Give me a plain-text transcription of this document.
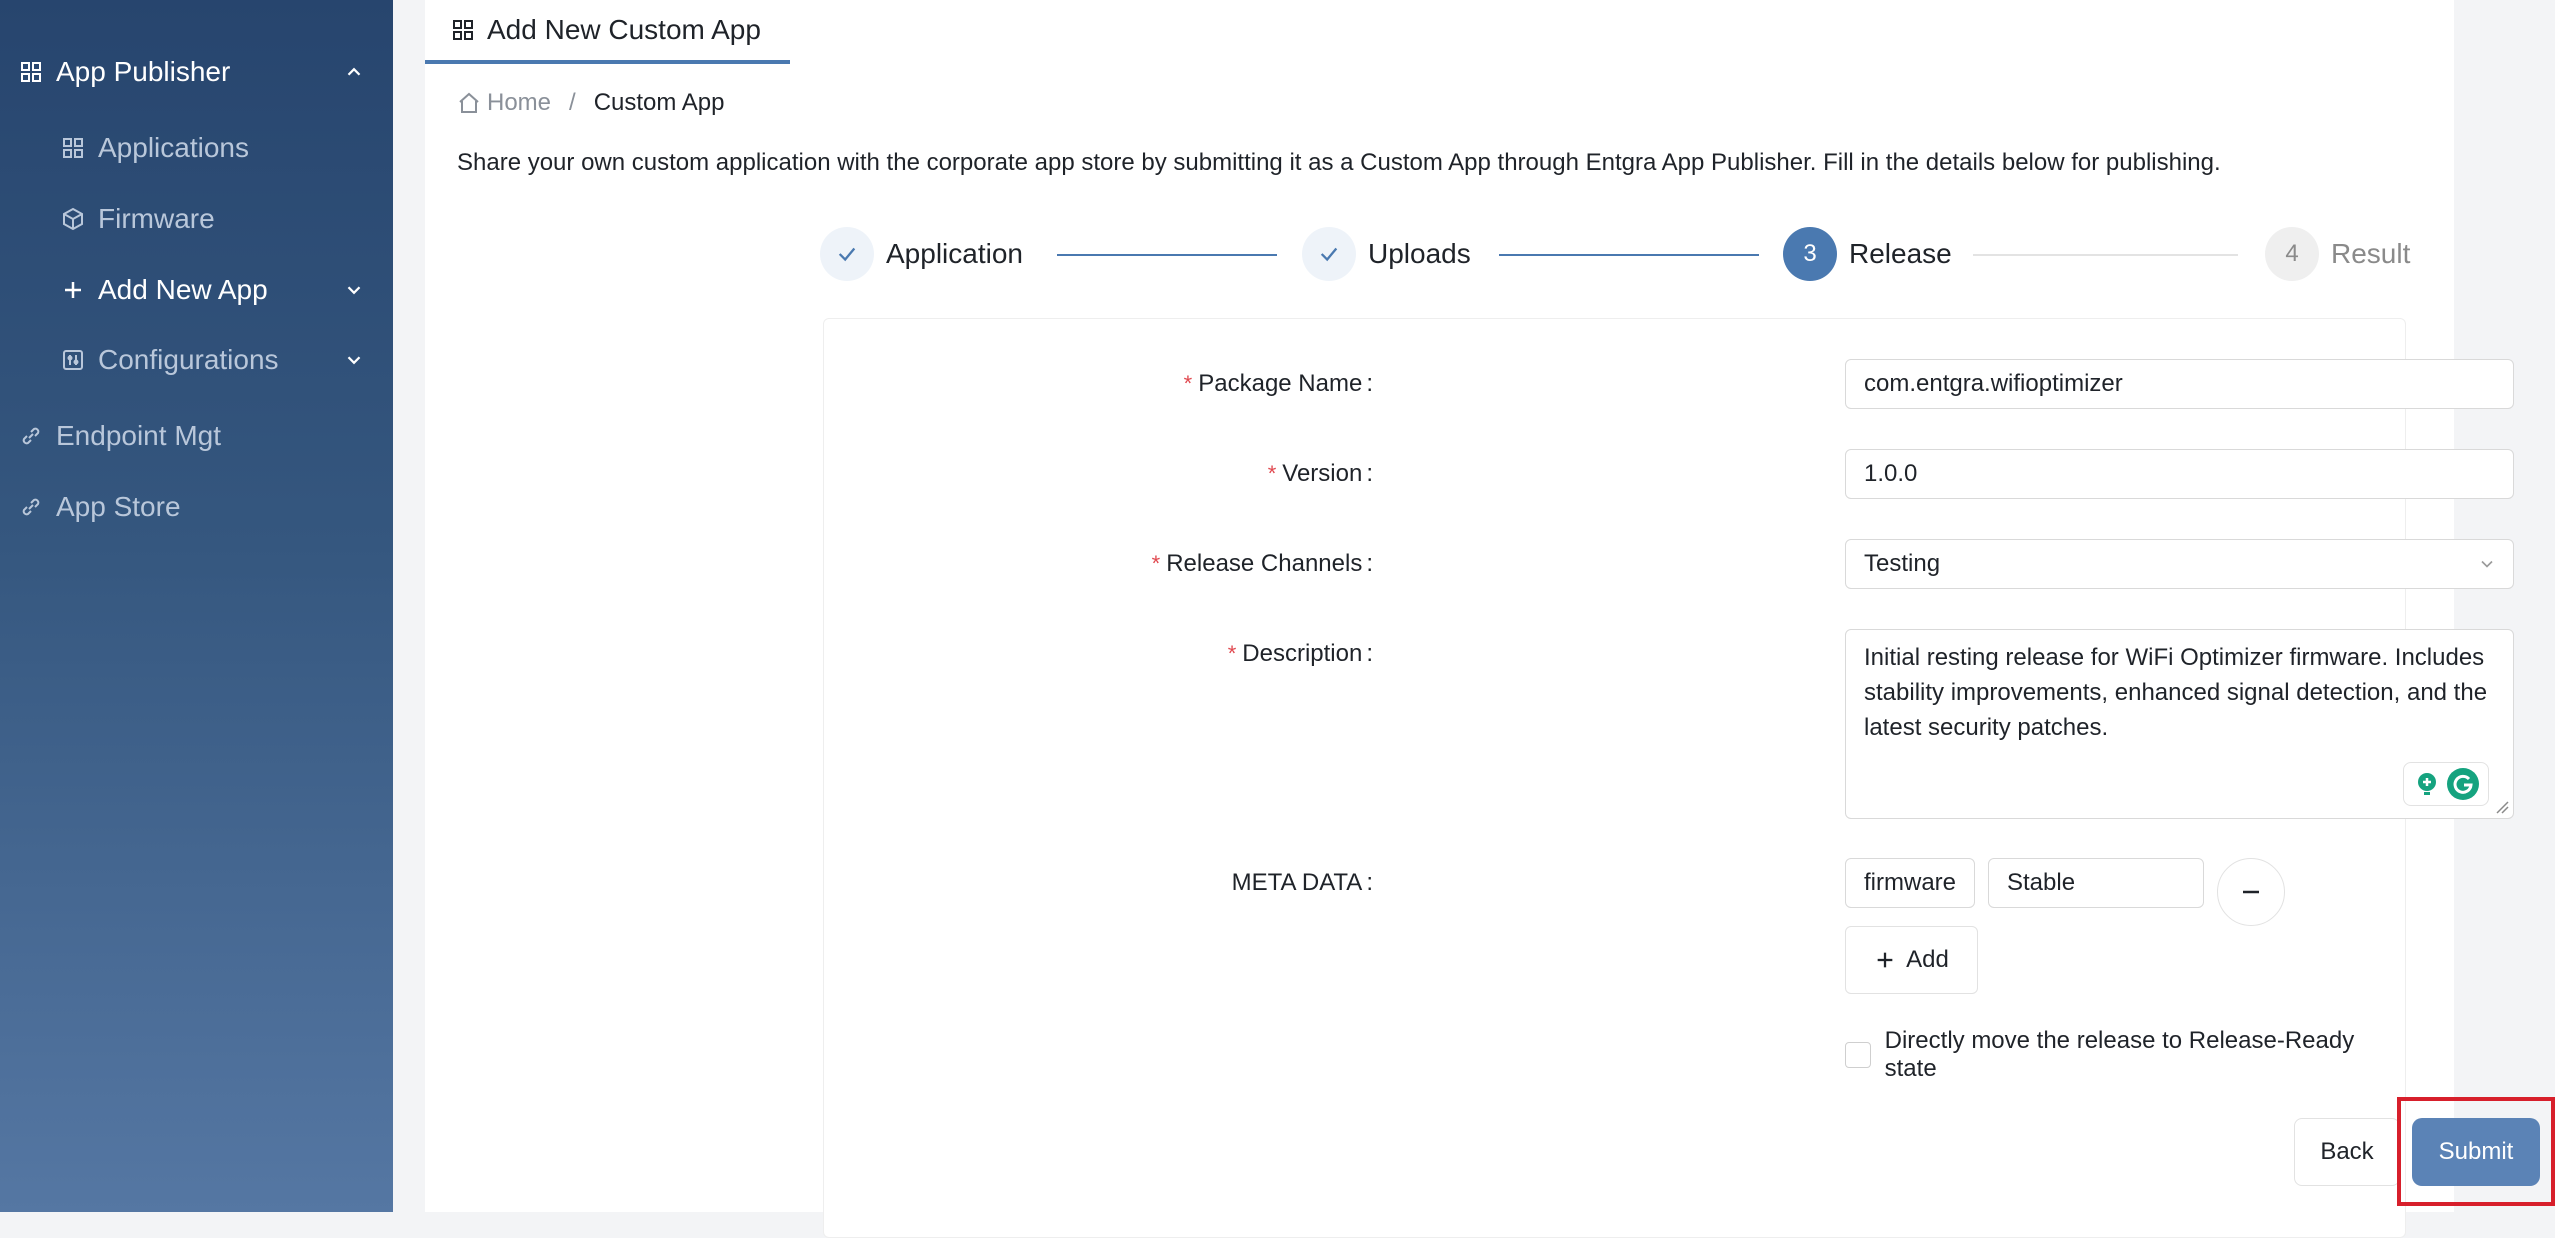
App Publisher
Applications
Firmware
Add New App
Configurations
Endpoint Mgt
App Store
Add New Custom App
Home / Custom App
Share your own custom application with the corporate app store by submitting it as a Custom App through Entgra App Publisher. Fill in the details below for publishing.
Application	Uploads	3	Release	4	Result
* Package Name :	com.entgra.wifioptimizer
* Version :	1.0.0
* Release Channels :	Testing
* Description :	Initial resting release for WiFi Optimizer firmware. Includes stability improvements, enhanced signal detection, and the latest security patches.
META DATA :	firmware Stable
Add
Directly move the release to Release-Ready state
Back	Submit
